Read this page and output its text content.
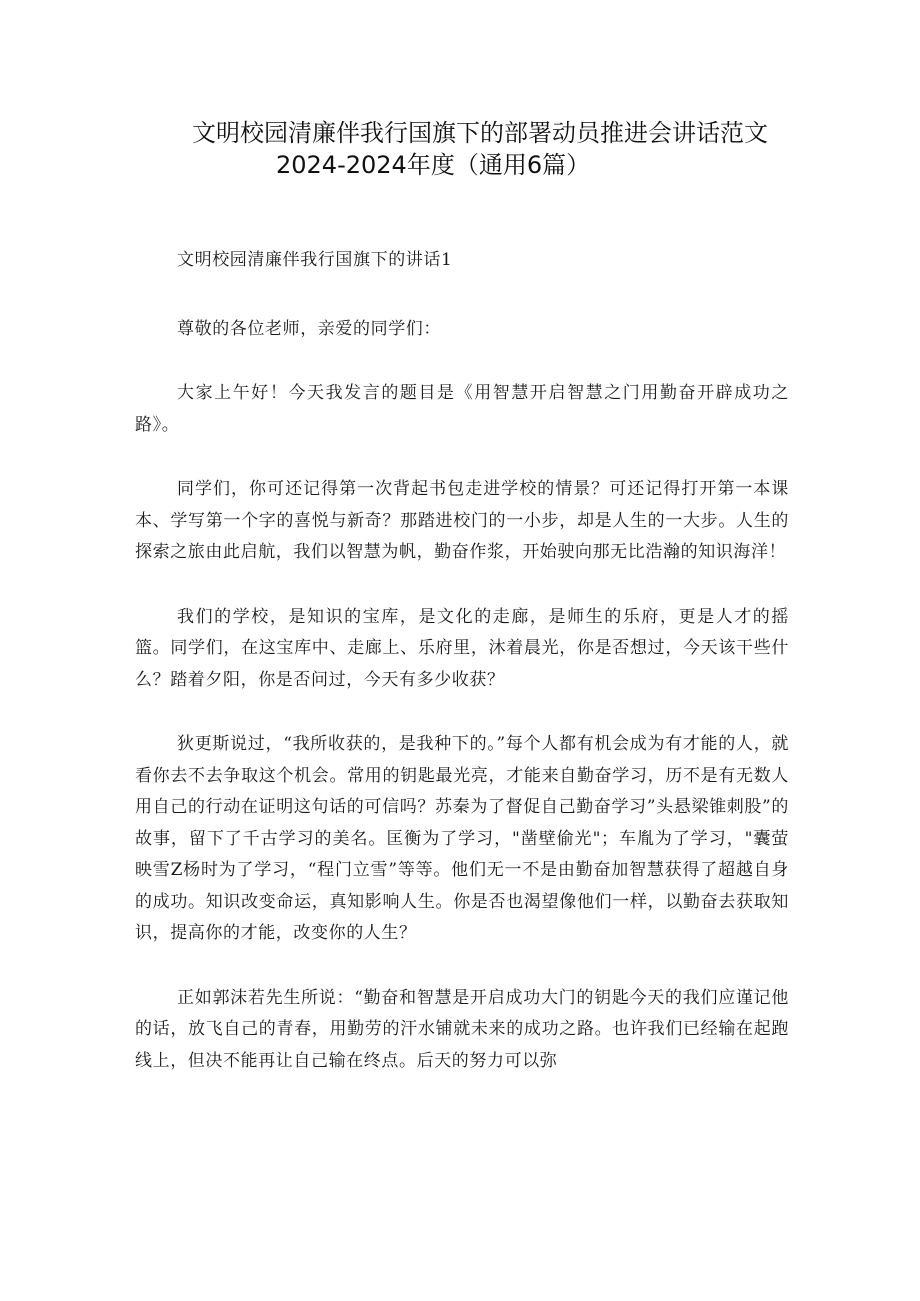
文明校园清廉伴我行国旗下的部署动员推进会讲话范文
2024-2024年度（通用6篇）

文明校园清廉伴我行国旗下的讲话1

尊敬的各位老师，亲爱的同学们：

大家上午好！今天我发言的题目是《用智慧开启智慧之门用勤奋开辟成功之路》。

同学们，你可还记得第一次背起书包走进学校的情景？可还记得打开第一本课本、学写第一个字的喜悦与新奇？那踏进校门的一小步，却是人生的一大步。人生的探索之旅由此启航，我们以智慧为帆，勤奋作浆，开始驶向那无比浩瀚的知识海洋！

我们的学校，是知识的宝库，是文化的走廊，是师生的乐府，更是人才的摇篮。同学们，在这宝库中、走廊上、乐府里，沐着晨光，你是否想过，今天该干些什么？踏着夕阳，你是否问过，今天有多少收获？

狄更斯说过，“我所收获的，是我种下的。”每个人都有机会成为有才能的人，就看你去不去争取这个机会。常用的钥匙最光亮，才能来自勤奋学习，历不是有无数人用自己的行动在证明这句话的可信吗？苏秦为了督促自己勤奋学习”头悬梁锥刺股”的故事，留下了千古学习的美名。匡衡为了学习，"凿壁偷光"；车胤为了学习，"囊萤映雪Z杨时为了学习，“程门立雪”等等。他们无一不是由勤奋加智慧获得了超越自身的成功。知识改变命运，真知影响人生。你是否也渴望像他们一样，以勤奋去获取知识，提高你的才能，改变你的人生？

正如郭沫若先生所说：“勤奋和智慧是开启成功大门的钥匙今天的我们应谨记他的话，放飞自己的青春，用勤劳的汗水铺就未来的成功之路。也许我们已经输在起跑线上，但决不能再让自己输在终点。后天的努力可以弥
